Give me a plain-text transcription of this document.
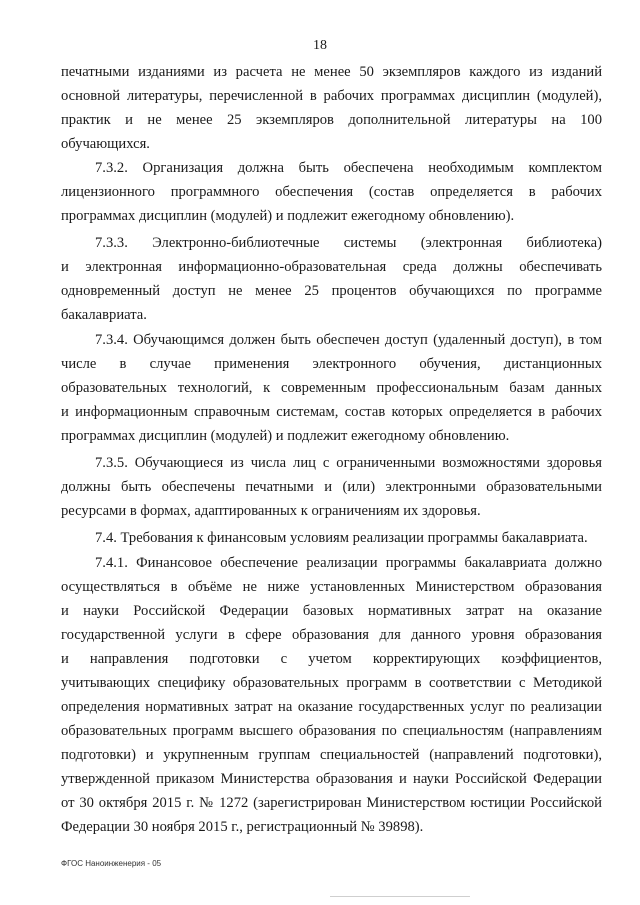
18
печатными изданиями из расчета не менее 50 экземпляров каждого из изданий
основной литературы, перечисленной в рабочих программах дисциплин (модулей),
практик и не менее 25 экземпляров дополнительной литературы на 100
обучающихся.
7.3.2. Организация должна быть обеспечена необходимым комплектом
лицензионного программного обеспечения (состав определяется в рабочих
программах дисциплин (модулей) и подлежит ежегодному обновлению).
7.3.3. Электронно-библиотечные системы (электронная библиотека)
и электронная информационно-образовательная среда должны обеспечивать
одновременный доступ не менее 25 процентов обучающихся по программе
бакалавриата.
7.3.4. Обучающимся должен быть обеспечен доступ (удаленный доступ), в том
числе в случае применения электронного обучения, дистанционных
образовательных технологий, к современным профессиональным базам данных
и информационным справочным системам, состав которых определяется в рабочих
программах дисциплин (модулей) и подлежит ежегодному обновлению.
7.3.5. Обучающиеся из числа лиц с ограниченными возможностями здоровья
должны быть обеспечены печатными и (или) электронными образовательными
ресурсами в формах, адаптированных к ограничениям их здоровья.
7.4. Требования к финансовым условиям реализации программы бакалавриата.
7.4.1. Финансовое обеспечение реализации программы бакалавриата должно
осуществляться в объёме не ниже установленных Министерством образования
и науки Российской Федерации базовых нормативных затрат на оказание
государственной услуги в сфере образования для данного уровня образования
и направления подготовки с учетом корректирующих коэффициентов,
учитывающих специфику образовательных программ в соответствии с Методикой
определения нормативных затрат на оказание государственных услуг по реализации
образовательных программ высшего образования по специальностям (направлениям
подготовки) и укрупненным группам специальностей (направлений подготовки),
утвержденной приказом Министерства образования и науки Российской Федерации
от 30 октября 2015 г. № 1272 (зарегистрирован Министерством юстиции Российской
Федерации 30 ноября 2015 г., регистрационный № 39898).
ФГОС Наноинженерия - 05
